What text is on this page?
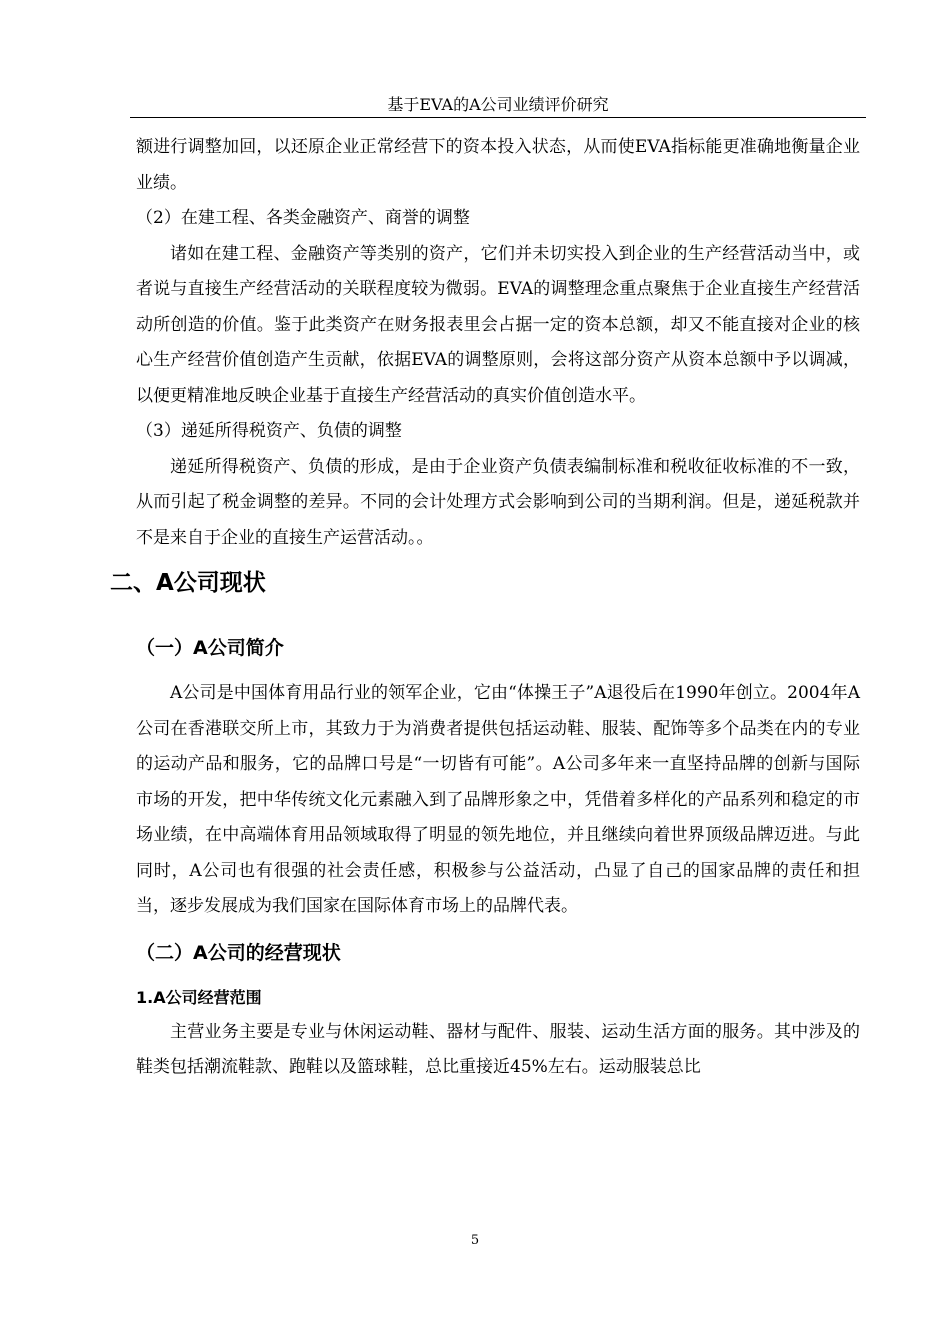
基于EVA的A公司业绩评价研究

额进行调整加回，以还原企业正常经营下的资本投入状态，从而使EVA指标能更准确地衡量企业业绩。

（2）在建工程、各类金融资产、商誉的调整

诸如在建工程、金融资产等类别的资产，它们并未切实投入到企业的生产经营活动当中，或者说与直接生产经营活动的关联程度较为微弱。EVA的调整理念重点聚焦于企业直接生产经营活动所创造的价值。鉴于此类资产在财务报表里会占据一定的资本总额，却又不能直接对企业的核心生产经营价值创造产生贡献，依据EVA的调整原则，会将这部分资产从资本总额中予以调减，以便更精准地反映企业基于直接生产经营活动的真实价值创造水平。

（3）递延所得税资产、负债的调整

递延所得税资产、负债的形成，是由于企业资产负债表编制标准和税收征收标准的不一致，从而引起了税金调整的差异。不同的会计处理方式会影响到公司的当期利润。但是，递延税款并不是来自于企业的直接生产运营活动。。

二、A公司现状
（一）A公司简介

A公司是中国体育用品行业的领军企业，它由“体操王子”A退役后在1990年创立。2004年A公司在香港联交所上市，其致力于为消费者提供包括运动鞋、服装、配饰等多个品类在内的专业的运动产品和服务，它的品牌口号是“一切皆有可能”。A公司多年来一直坚持品牌的创新与国际市场的开发，把中华传统文化元素融入到了品牌形象之中，凭借着多样化的产品系列和稳定的市场业绩，在中高端体育用品领域取得了明显的领先地位，并且继续向着世界顶级品牌迈进。与此同时，A公司也有很强的社会责任感，积极参与公益活动，凸显了自己的国家品牌的责任和担当，逐步发展成为我们国家在国际体育市场上的品牌代表。

（二）A公司的经营现状
1.A公司经营范围

主营业务主要是专业与休闲运动鞋、器材与配件、服装、运动生活方面的服务。其中涉及的鞋类包括潮流鞋款、跑鞋以及篮球鞋，总比重接近45%左右。运动服装总比

5
